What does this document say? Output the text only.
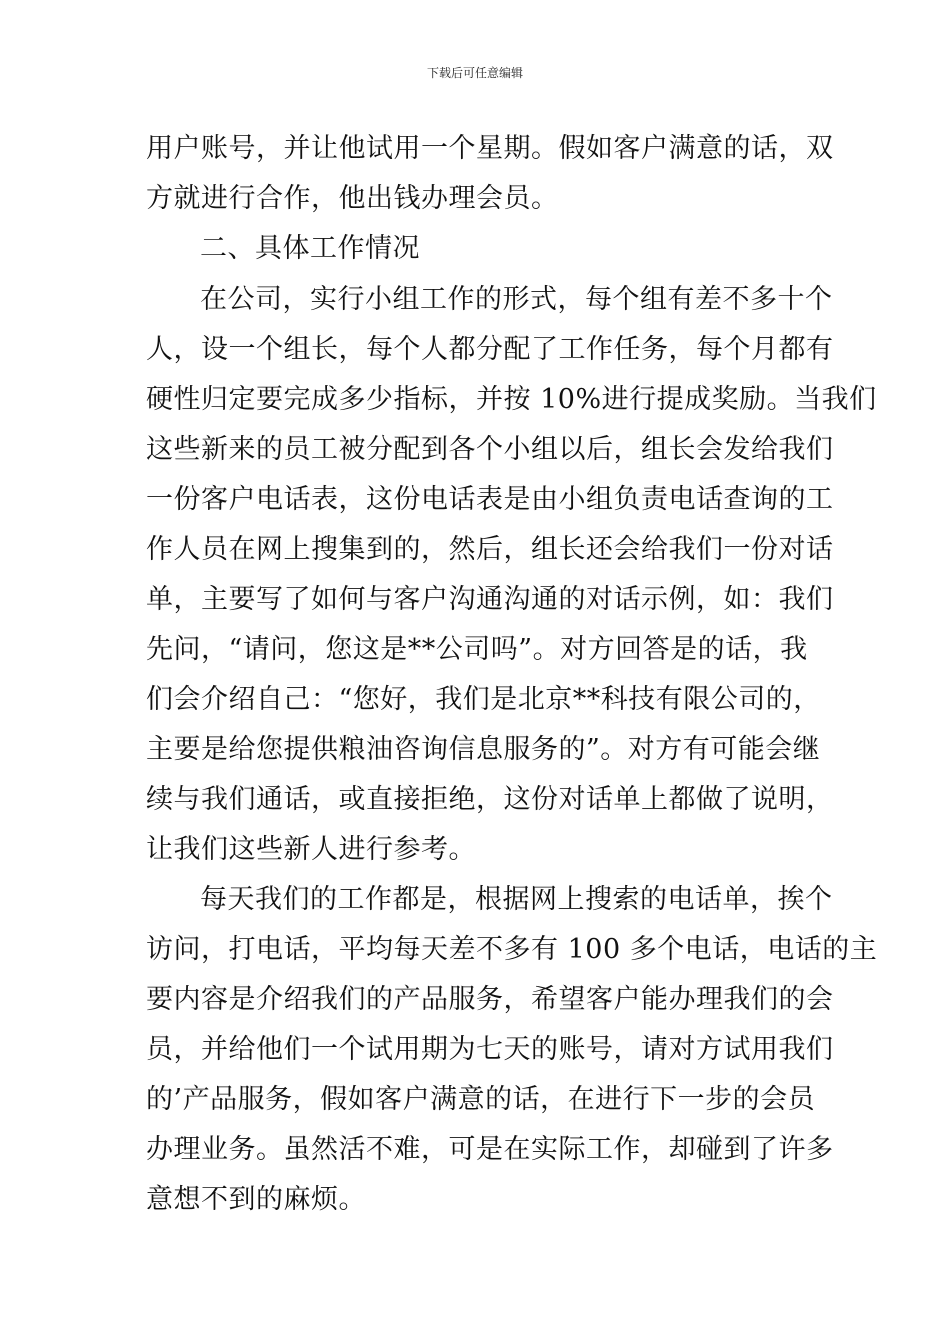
下载后可任意编辑
用户账号，并让他试用一个星期。假如客户满意的话，双
方就进行合作，他出钱办理会员。
二、具体工作情况
在公司，实行小组工作的形式，每个组有差不多十个
人，设一个组长，每个人都分配了工作任务，每个月都有
硬性归定要完成多少指标，并按 10%进行提成奖励。当我们
这些新来的员工被分配到各个小组以后，组长会发给我们
一份客户电话表，这份电话表是由小组负责电话查询的工
作人员在网上搜集到的，然后，组长还会给我们一份对话
单，主要写了如何与客户沟通沟通的对话示例，如：我们
先问，“请问，您这是**公司吗”。对方回答是的话，我
们会介绍自己：“您好，我们是北京**科技有限公司的，
主要是给您提供粮油咨询信息服务的”。对方有可能会继
续与我们通话，或直接拒绝，这份对话单上都做了说明，
让我们这些新人进行参考。
每天我们的工作都是，根据网上搜索的电话单，挨个
访问，打电话，平均每天差不多有 100 多个电话，电话的主
要内容是介绍我们的产品服务，希望客户能办理我们的会
员，并给他们一个试用期为七天的账号，请对方试用我们
的’产品服务，假如客户满意的话，在进行下一步的会员
办理业务。虽然活不难，可是在实际工作，却碰到了许多
意想不到的麻烦。
